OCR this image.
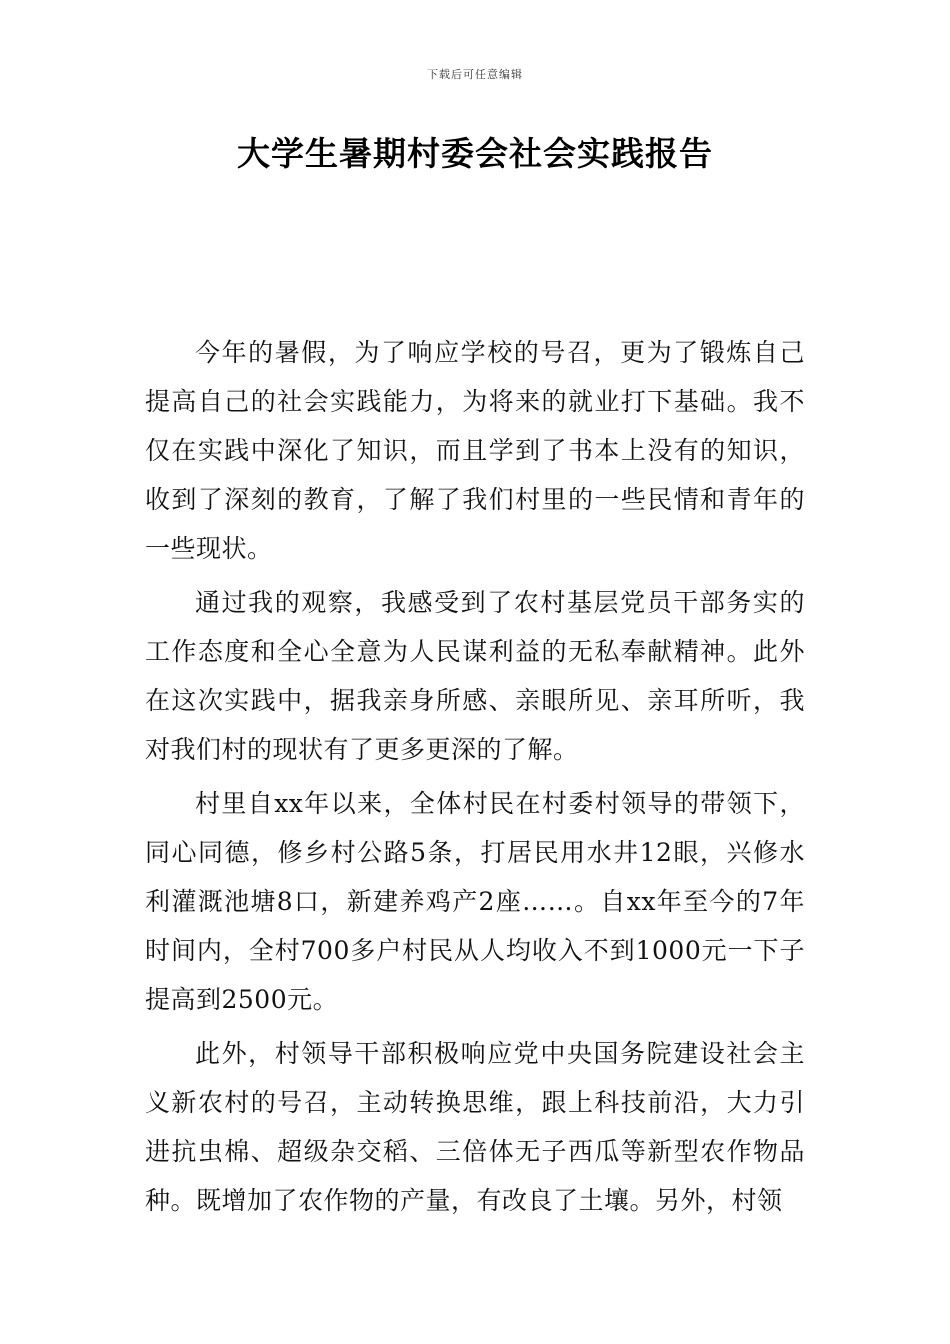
下载后可任意编辑
大学生暑期村委会社会实践报告

今年的暑假，为了响应学校的号召，更为了锻炼自己提高自己的社会实践能力，为将来的就业打下基础。我不仅在实践中深化了知识，而且学到了书本上没有的知识，收到了深刻的教育，了解了我们村里的一些民情和青年的一些现状。

通过我的观察，我感受到了农村基层党员干部务实的工作态度和全心全意为人民谋利益的无私奉献精神。此外在这次实践中，据我亲身所感、亲眼所见、亲耳所听，我对我们村的现状有了更多更深的了解。

村里自xx年以来，全体村民在村委村领导的带领下，同心同德，修乡村公路5条，打居民用水井12眼，兴修水利灌溉池塘8口，新建养鸡产2座……。自xx年至今的7年时间内，全村700多户村民从人均收入不到1000元一下子提高到2500元。

此外，村领导干部积极响应党中央国务院建设社会主义新农村的号召，主动转换思维，跟上科技前沿，大力引进抗虫棉、超级杂交稻、三倍体无子西瓜等新型农作物品种。既增加了农作物的产量，有改良了土壤。另外，村领
